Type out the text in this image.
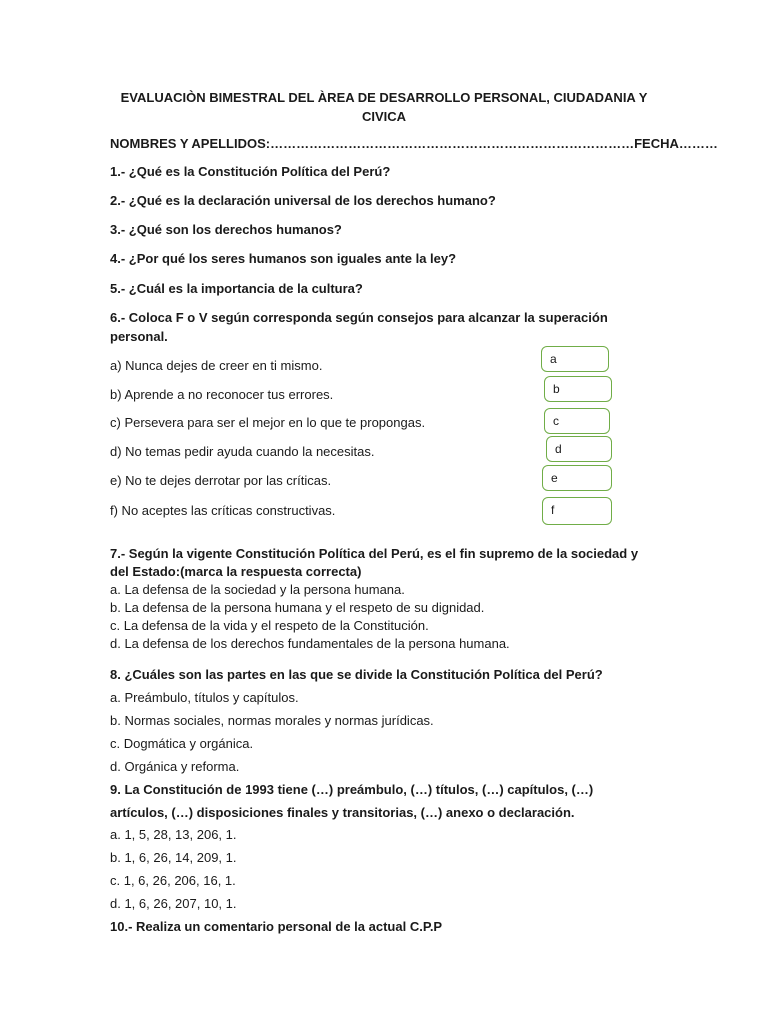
EVALUACIÒN BIMESTRAL DEL ÀREA DE DESARROLLO PERSONAL, CIUDADANIA Y CIVICA
NOMBRES Y APELLIDOS:…………………………………………………………………………FECHA………
1.- ¿Qué es la Constitución Política del Perú?
2.- ¿Qué es la declaración universal de los derechos humano?
3.- ¿Qué son los derechos humanos?
4.- ¿Por qué los seres humanos son iguales ante la ley?
5.- ¿Cuál es la importancia de la cultura?
6.- Coloca F o V según corresponda según consejos para alcanzar la superación
personal.
a) Nunca dejes de creer en ti mismo.
b) Aprende a no reconocer tus errores.
c) Persevera para ser el mejor en lo que te propongas.
d) No temas pedir ayuda cuando la necesitas.
e) No te dejes derrotar por las críticas.
f) No aceptes las críticas constructivas.
a
b
c
d
e
f
7.- Según la vigente Constitución Política del Perú, es el fin supremo de la sociedad y
del Estado:(marca la respuesta correcta)
a. La defensa de la sociedad y la persona humana.
b. La defensa de la persona humana y el respeto de su dignidad.
c. La defensa de la vida y el respeto de la Constitución.
d. La defensa de los derechos fundamentales de la persona humana.
8. ¿Cuáles son las partes en las que se divide la Constitución Política del Perú?
a. Preámbulo, títulos y capítulos.
b. Normas sociales, normas morales y normas jurídicas.
c. Dogmática y orgánica.
d. Orgánica y reforma.
9. La Constitución de 1993 tiene (…) preámbulo, (…) títulos, (…) capítulos, (…)
artículos, (…) disposiciones finales y transitorias, (…) anexo o declaración.
a. 1, 5, 28, 13, 206, 1.
b. 1, 6, 26, 14, 209, 1.
c. 1, 6, 26, 206, 16, 1.
d. 1, 6, 26, 207, 10, 1.
10.- Realiza un comentario personal de la actual C.P.P
